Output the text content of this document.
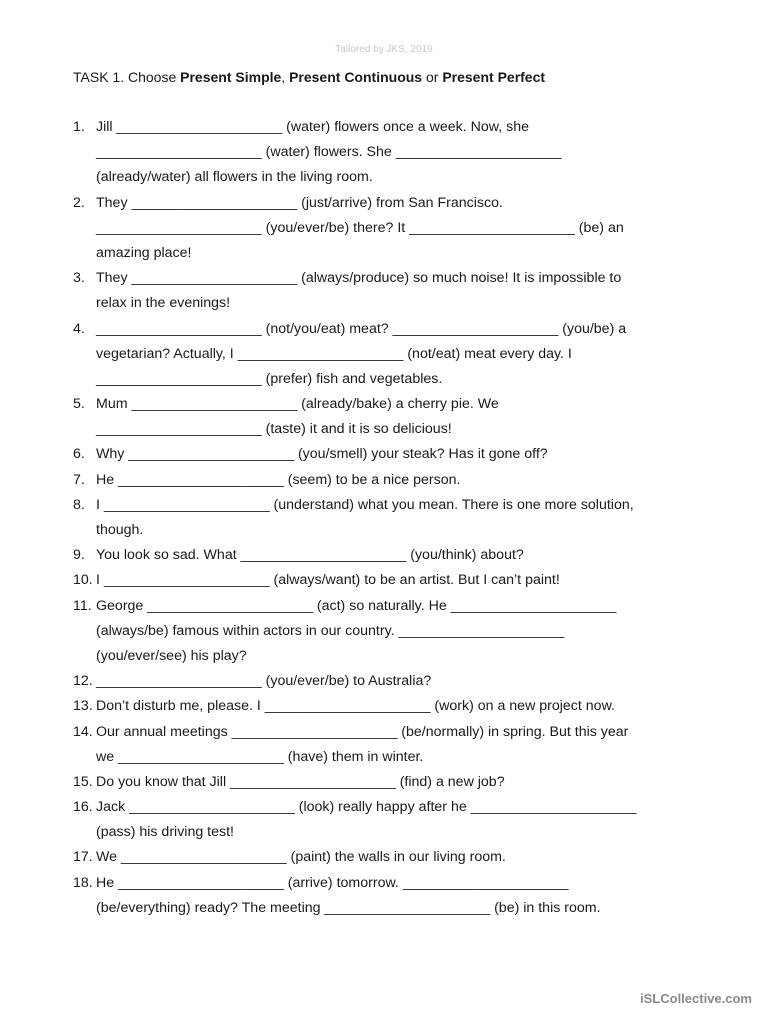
Tailored by JKS, 2019
TASK 1. Choose Present Simple, Present Continuous or Present Perfect
1. Jill _____________________ (water) flowers once a week. Now, she
_____________________ (water) flowers. She _____________________
(already/water) all flowers in the living room.
2. They _____________________ (just/arrive) from San Francisco.
_____________________ (you/ever/be) there? It _____________________ (be) an
amazing place!
3. They _____________________ (always/produce) so much noise! It is impossible to
relax in the evenings!
4. _____________________ (not/you/eat) meat? _____________________ (you/be) a
vegetarian? Actually, I _____________________ (not/eat) meat every day. I
_____________________ (prefer) fish and vegetables.
5. Mum _____________________ (already/bake) a cherry pie. We
_____________________ (taste) it and it is so delicious!
6. Why _____________________ (you/smell) your steak? Has it gone off?
7. He _____________________ (seem) to be a nice person.
8. I _____________________ (understand) what you mean. There is one more solution,
though.
9. You look so sad. What _____________________ (you/think) about?
10. I _____________________ (always/want) to be an artist. But I can’t paint!
11. George _____________________ (act) so naturally. He _____________________
(always/be) famous within actors in our country. _____________________
(you/ever/see) his play?
12. _____________________ (you/ever/be) to Australia?
13. Don’t disturb me, please. I _____________________ (work) on a new project now.
14. Our annual meetings _____________________ (be/normally) in spring. But this year
we _____________________ (have) them in winter.
15. Do you know that Jill _____________________ (find) a new job?
16. Jack _____________________ (look) really happy after he _____________________
(pass) his driving test!
17. We _____________________ (paint) the walls in our living room.
18. He _____________________ (arrive) tomorrow. _____________________
(be/everything) ready? The meeting _____________________ (be) in this room.
iSLCollective.com
